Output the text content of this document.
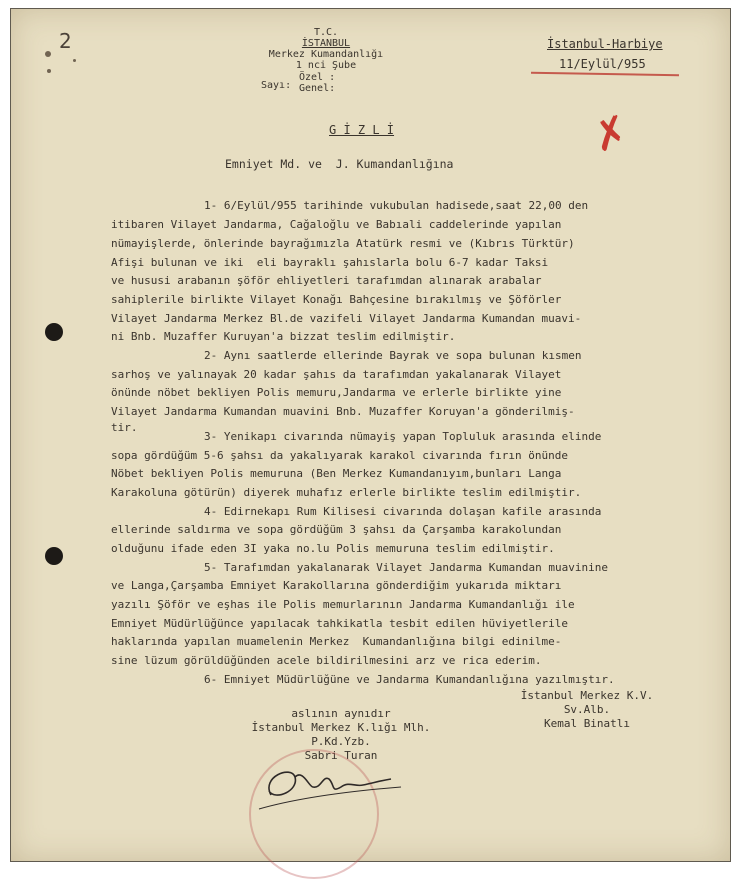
2	T.C.
İSTANBUL
Merkez Kumandanlığı
1 nci Şube
Sayı:
Özel :
Genel:
İstanbul-Harbiye
11/Eylül/955
G İ Z L İ	✗
Emniyet Md. ve  J. Kumandanlığına
1- 6/Eylül/955 tarihinde vukubulan hadisede,saat 22,00 den
itibaren Vilayet Jandarma, Cağaloğlu ve Babıali caddelerinde yapılan
nümayişlerde, önlerinde bayrağımızla Atatürk resmi ve (Kıbrıs Türktür)
Afişi bulunan ve iki  eli bayraklı şahıslarla bolu 6-7 kadar Taksi
ve hususi arabanın şöför ehliyetleri tarafımdan alınarak arabalar
sahiplerile birlikte Vilayet Konağı Bahçesine bırakılmış ve Şöförler
Vilayet Jandarma Merkez Bl.de vazifeli Vilayet Jandarma Kumandan muavi-
ni Bnb. Muzaffer Kuruyan'a bizzat teslim edilmiştir.
2- Aynı saatlerde ellerinde Bayrak ve sopa bulunan kısmen
sarhoş ve yalınayak 20 kadar şahıs da tarafımdan yakalanarak Vilayet
önünde nöbet bekliyen Polis memuru,Jandarma ve erlerle birlikte yine
Vilayet Jandarma Kumandan muavini Bnb. Muzaffer Koruyan'a gönderilmiş-
tir.
3- Yenikapı civarında nümayiş yapan Topluluk arasında elinde
sopa gördüğüm 5-6 şahsı da yakalıyarak karakol civarında fırın önünde
Nöbet bekliyen Polis memuruna (Ben Merkez Kumandanıyım,bunları Langa
Karakoluna götürün) diyerek muhafız erlerle birlikte teslim edilmiştir.
4- Edirnekapı Rum Kilisesi civarında dolaşan kafile arasında
ellerinde saldırma ve sopa gördüğüm 3 şahsı da Çarşamba karakolundan
olduğunu ifade eden 3I yaka no.lu Polis memuruna teslim edilmiştir.
5- Tarafımdan yakalanarak Vilayet Jandarma Kumandan muavinine
ve Langa,Çarşamba Emniyet Karakollarına gönderdiğim yukarıda miktarı
yazılı Şöför ve eşhas ile Polis memurlarının Jandarma Kumandanlığı ile
Emniyet Müdürlüğünce yapılacak tahkikatla tesbit edilen hüviyetlerile
haklarında yapılan muamelenin Merkez  Kumandanlığına bilgi edinilme-
sine lüzum görüldüğünden acele bildirilmesini arz ve rica ederim.
6- Emniyet Müdürlüğüne ve Jandarma Kumandanlığına yazılmıştır.
aslının aynıdır
İstanbul Merkez K.lığı Mlh.
P.Kd.Yzb.
Sabri Turan
İstanbul Merkez K.V.
Sv.Alb.
Kemal Binatlı
